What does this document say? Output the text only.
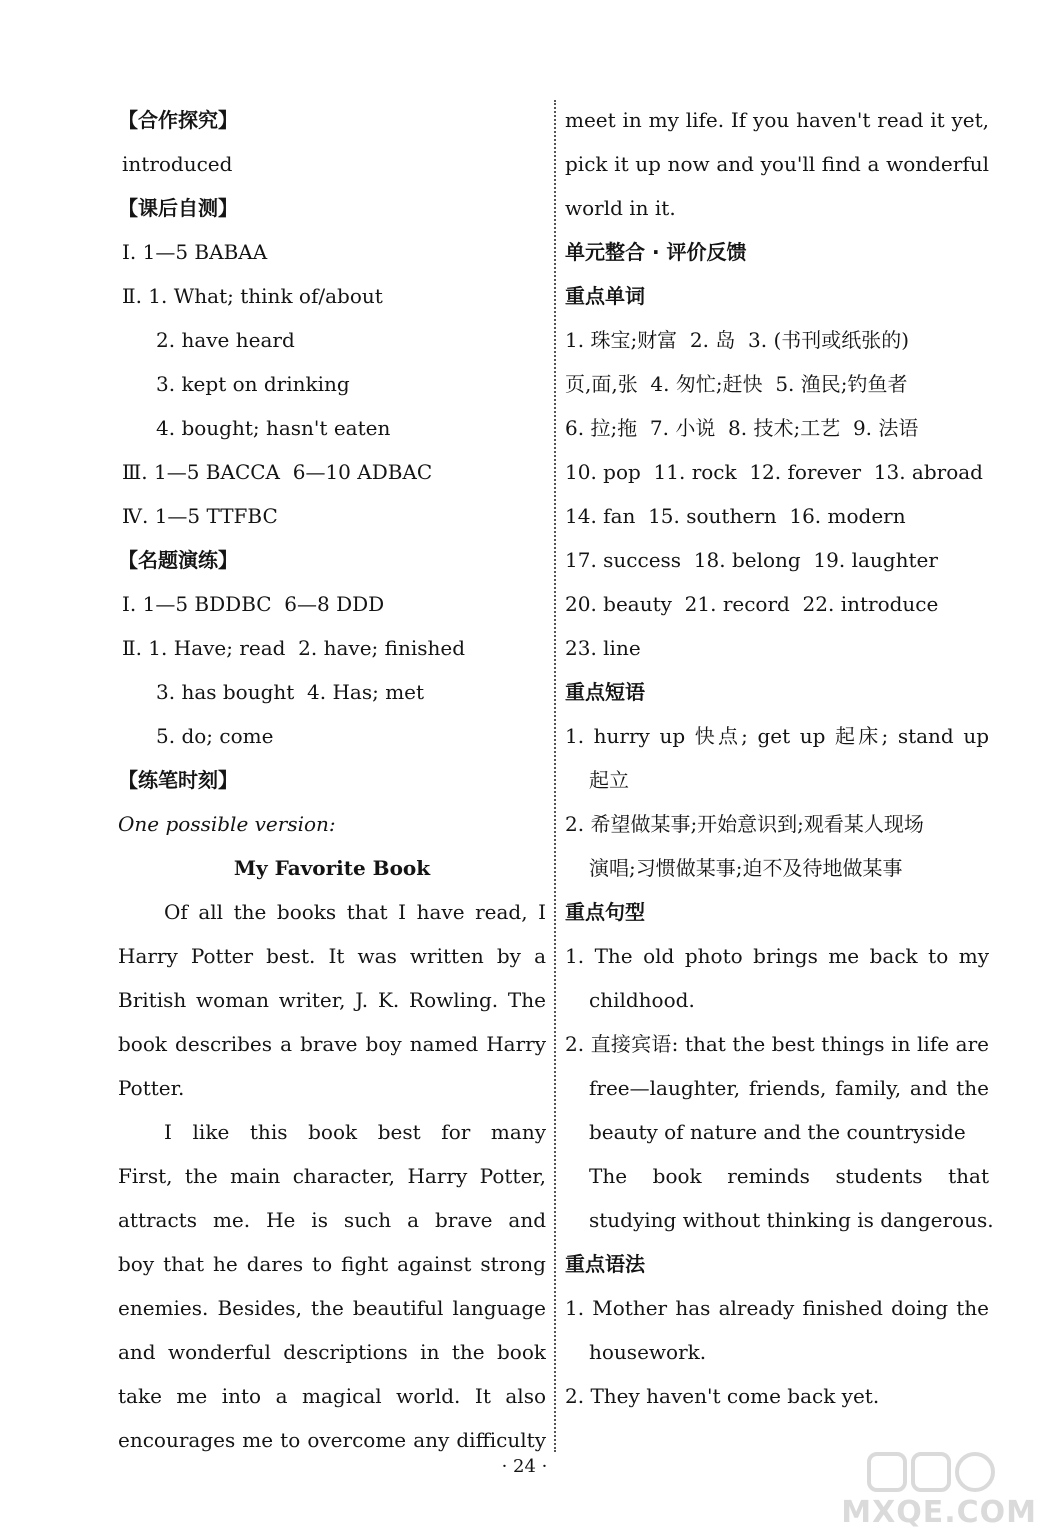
【合作探究】
introduced
【课后自测】
Ⅰ. 1—5 BABAA
Ⅱ. 1. What; think of/about
2. have heard
3. kept on drinking
4. bought; hasn't eaten
Ⅲ. 1—5 BACCA  6—10 ADBAC
Ⅳ. 1—5 TTFBC
【名题演练】
Ⅰ. 1—5 BDDBC  6—8 DDD
Ⅱ. 1. Have; read  2. have; finished
3. has bought  4. Has; met
5. do; come
【练笔时刻】
One possible version:
My Favorite Book
Of all the books that I have read, I
Harry Potter best. It was written by a
British woman writer, J. K. Rowling. The
book describes a brave boy named Harry
Potter.
I like this book best for many
First, the main character, Harry Potter,
attracts me. He is such a brave and
boy that he dares to fight against strong
enemies. Besides, the beautiful language
and wonderful descriptions in the book
take me into a magical world. It also
encourages me to overcome any difficulty
meet in my life. If you haven't read it yet,
pick it up now and you'll find a wonderful
world in it.
单元整合 · 评价反馈
重点单词
1. 珠宝;财富  2. 岛  3. (书刊或纸张的)
页,面,张  4. 匆忙;赶快  5. 渔民;钓鱼者
6. 拉;拖  7. 小说  8. 技术;工艺  9. 法语
10. pop  11. rock  12. forever  13. abroad
14. fan  15. southern  16. modern
17. success  18. belong  19. laughter
20. beauty  21. record  22. introduce
23. line
重点短语
1. hurry up 快点; get up 起床; stand up
起立
2. 希望做某事;开始意识到;观看某人现场
演唱;习惯做某事;迫不及待地做某事
重点句型
1. The old photo brings me back to my
childhood.
2. 直接宾语: that the best things in life are
free—laughter, friends, family, and the
beauty of nature and the countryside
The book reminds students that
studying without thinking is dangerous.
重点语法
1. Mother has already finished doing the
housework.
2. They haven't come back yet.
· 24 ·
MXQE.COM
